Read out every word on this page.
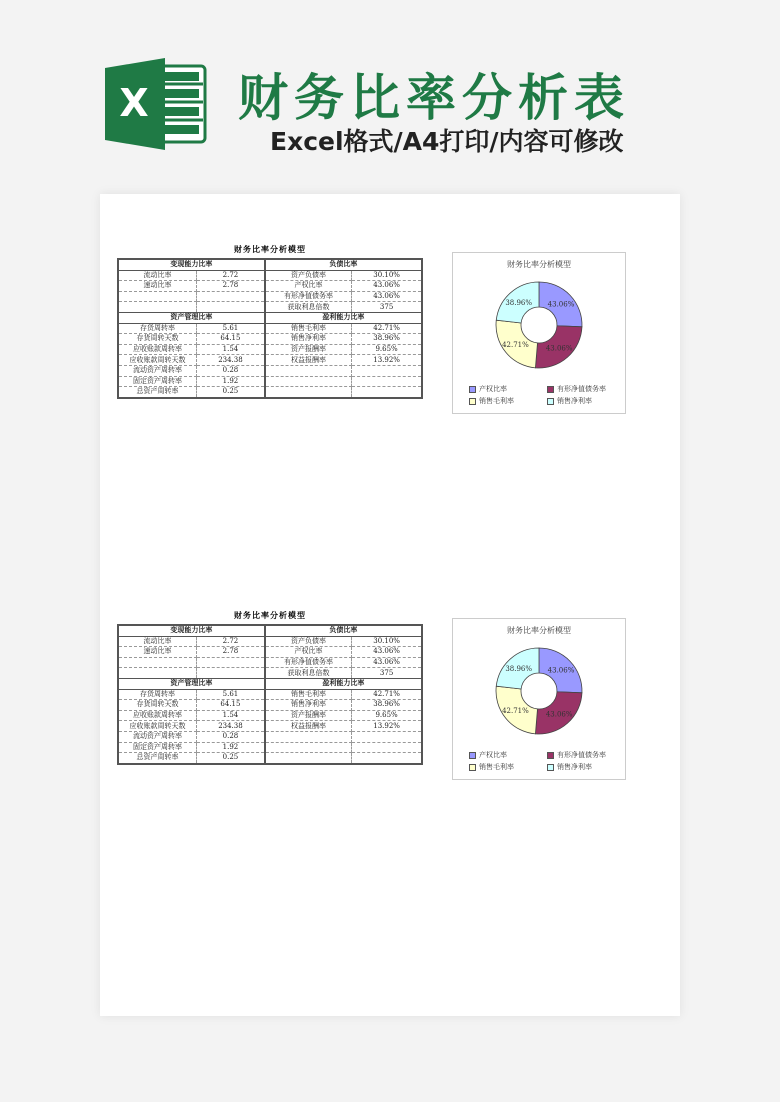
X 财务比率分析表
Excel格式/A4打印/内容可修改
财务比率分析模型
变现能力比率		负债比率	
流动比率	2.72	资产负债率	30.10%
速动比率	2.78	产权比率	43.06%
		有形净值债务率	43.06%
		获取利息倍数	375
资产管理比率		盈利能力比率	
存货周转率	5.61	销售毛利率	42.71%
存货周转天数	64.15	销售净利率	38.96%
应收账款周转率	1.54	资产报酬率	9.65%
应收账款周转天数	234.38	权益报酬率	13.92%
流动资产周转率	0.28		
固定资产周转率	1.92		
总资产周转率	0.25		
财务比率分析模型
43.06%
43.06%
42.71%
38.96%
产权比率	有形净值债务率
销售毛利率	销售净利率
财务比率分析模型
变现能力比率		负债比率	
流动比率	2.72	资产负债率	30.10%
速动比率	2.78	产权比率	43.06%
		有形净值债务率	43.06%
		获取利息倍数	375
资产管理比率		盈利能力比率	
存货周转率	5.61	销售毛利率	42.71%
存货周转天数	64.15	销售净利率	38.96%
应收账款周转率	1.54	资产报酬率	9.65%
应收账款周转天数	234.38	权益报酬率	13.92%
流动资产周转率	0.28		
固定资产周转率	1.92		
总资产周转率	0.25		
财务比率分析模型
43.06%
43.06%
42.71%
38.96%
产权比率	有形净值债务率
销售毛利率	销售净利率
